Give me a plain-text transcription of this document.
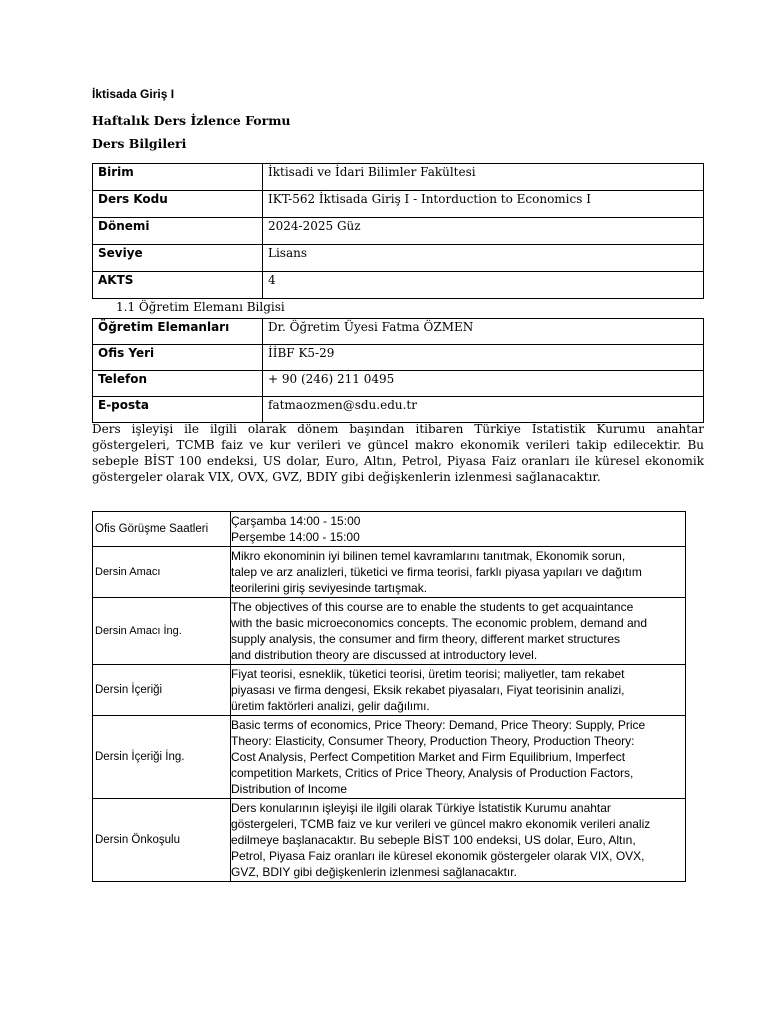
İktisada Giriş I
Haftalık Ders İzlence Formu
Ders Bilgileri
Birim	İktisadi ve İdari Bilimler Fakültesi
Ders Kodu	IKT-562 İktisada Giriş I - Intorduction to Economics I
Dönemi	2024-2025 Güz
Seviye	Lisans
AKTS	4
1.1 Öğretim Elemanı Bilgisi
Öğretim Elemanları	Dr. Öğretim Üyesi Fatma ÖZMEN
Ofis Yeri	İİBF K5-29
Telefon	+ 90 (246) 211 0495
E-posta	fatmaozmen@sdu.edu.tr
Ders işleyişi ile ilgili olarak dönem başından itibaren Türkiye İstatistik Kurumu anahtar göstergeleri, TCMB faiz ve kur verileri ve güncel makro ekonomik verileri takip edilecektir. Bu sebeple BİST 100 endeksi, US dolar, Euro, Altın, Petrol, Piyasa Faiz oranları ile küresel ekonomik göstergeler olarak VIX, OVX, GVZ, BDIY gibi değişkenlerin izlenmesi sağlanacaktır.
Ofis Görüşme Saatleri	Çarşamba 14:00 - 15:00
Perşembe 14:00 - 15:00

Dersin Amacı	Mikro ekonominin iyi bilinen temel kavramlarını tanıtmak, Ekonomik sorun,
talep ve arz analizleri, tüketici ve firma teorisi, farklı piyasa yapıları ve dağıtım
teorilerini giriş seviyesinde tartışmak.

Dersin Amacı İng.	The objectives of this course are to enable the students to get acquaintance
with the basic microeconomics concepts. The economic problem, demand and
supply analysis, the consumer and firm theory, different market structures
and distribution theory are discussed at introductory level.

Dersin İçeriği	Fiyat teorisi, esneklik, tüketici teorisi, üretim teorisi; maliyetler, tam rekabet
piyasası ve firma dengesi, Eksik rekabet piyasaları, Fiyat teorisinin analizi,
üretim faktörleri analizi, gelir dağılımı.

Dersin İçeriği İng.	Basic terms of economics, Price Theory: Demand, Price Theory: Supply, Price
Theory: Elasticity, Consumer Theory, Production Theory, Production Theory:
Cost Analysis, Perfect Competition Market and Firm Equilibrium, Imperfect
competition Markets, Critics of Price Theory, Analysis of Production Factors,
Distribution of Income

Dersin Önkoşulu	Ders konularının işleyişi ile ilgili olarak Türkiye İstatistik Kurumu anahtar
göstergeleri, TCMB faiz ve kur verileri ve güncel makro ekonomik verileri analiz
edilmeye başlanacaktır. Bu sebeple BİST 100 endeksi, US dolar, Euro, Altın,
Petrol, Piyasa Faiz oranları ile küresel ekonomik göstergeler olarak VIX, OVX,
GVZ, BDIY gibi değişkenlerin izlenmesi sağlanacaktır.
